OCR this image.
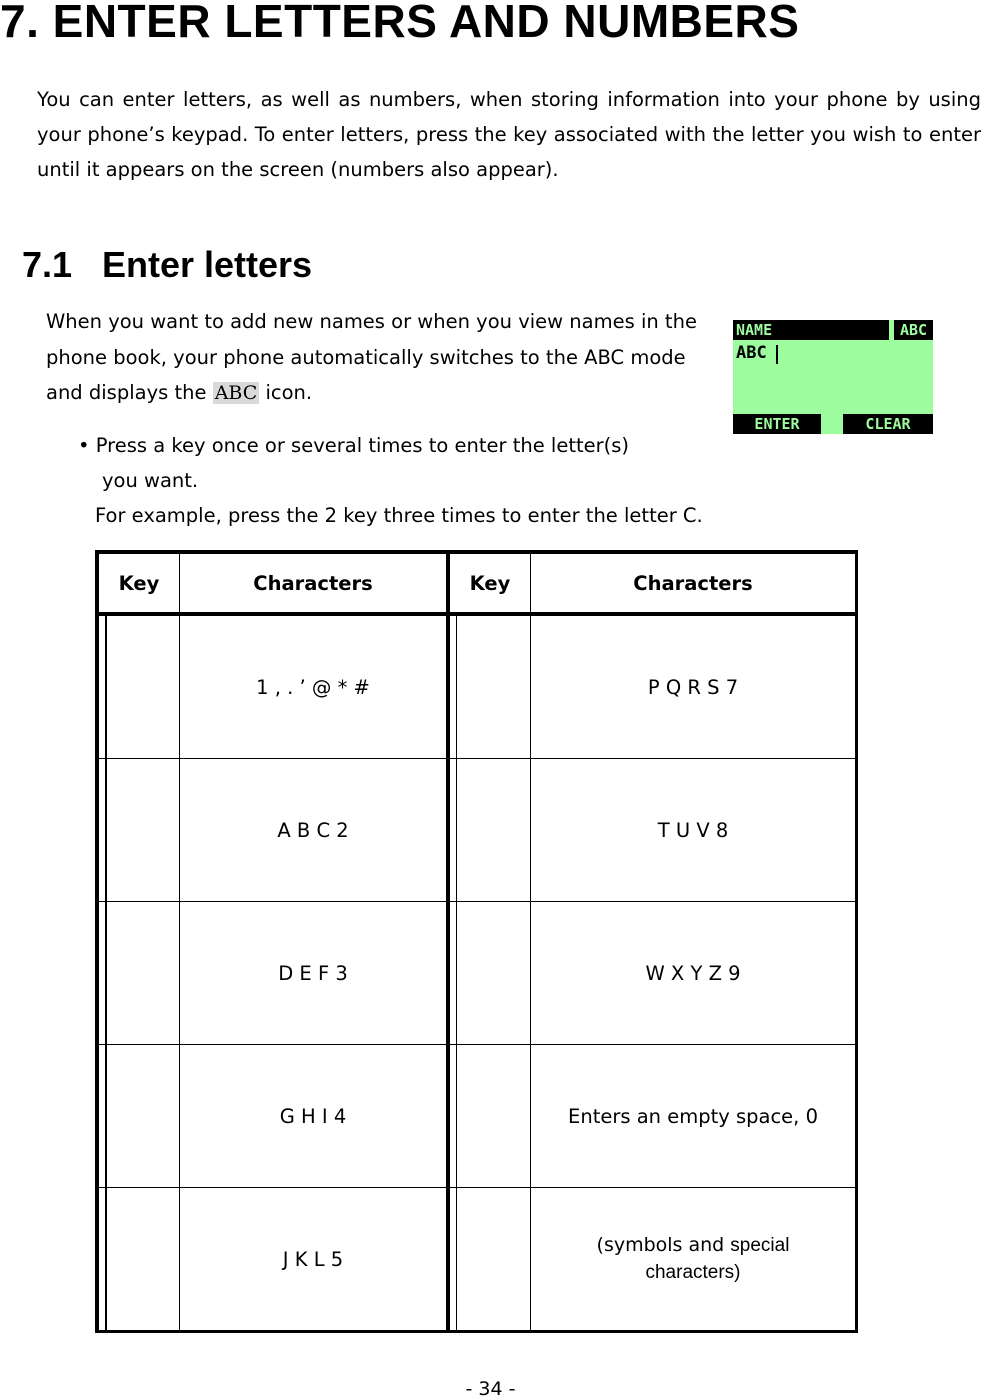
7. ENTER LETTERS AND NUMBERS

You can enter letters, as well as numbers, when storing information into your phone by using your phone’s keypad. To enter letters, press the key associated with the letter you wish to enter until it appears on the screen (numbers also appear).

7.1 Enter letters

When you want to add new names or when you view names in the phone book, your phone automatically switches to the ABC mode and displays the ABC icon.

NAME	ABC
ABC
ENTER	CLEAR
• Press a key once or several times to enter the letter(s)
you want.

For example, press the 2 key three times to enter the letter C.

Key	Characters	Key	Characters
	1 , . ’ @ * #		P Q R S 7
	A B C 2		T U V 8
	D E F 3		W X Y Z 9
	G H I 4		Enters an empty space, 0
	J K L 5		(symbols and special
characters)
- 34 -
